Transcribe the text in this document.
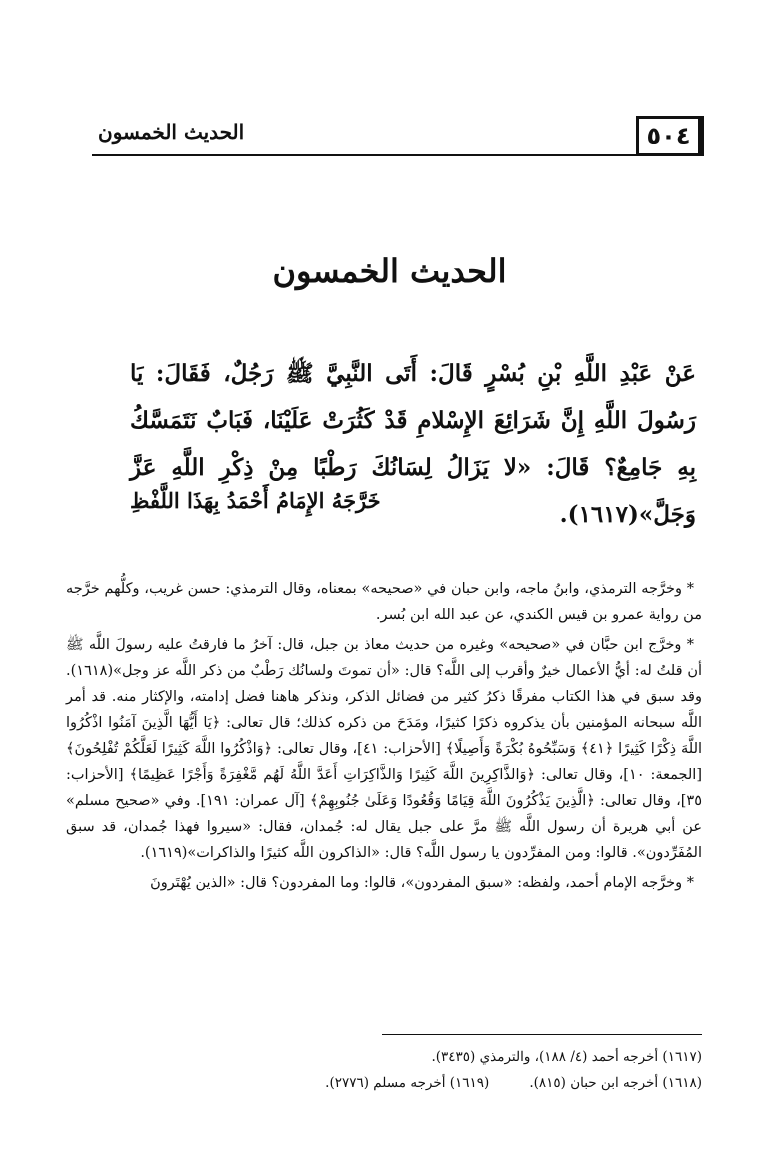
الحديث الخمسون	٥٠٤
الحديث الخمسون

عَنْ عَبْدِ اللَّهِ بْنِ بُسْرٍ قَالَ: أَتَى النَّبِيَّ ﷺ رَجُلٌ، فَقَالَ: يَا رَسُولَ اللَّهِ إِنَّ شَرَائِعَ الإِسْلامِ قَدْ كَثُرَتْ عَلَيْنَا، فَبَابٌ نَتَمَسَّكُ بِهِ جَامِعٌ؟ قَالَ: «لا يَزَالُ لِسَانُكَ رَطْبًا مِنْ ذِكْرِ اللَّهِ عَزَّ وَجَلَّ»(١٦١٧).

خَرَّجَهُ الإِمَامُ أَحْمَدُ بِهَذَا اللَّفْظِ

* وخرَّجه الترمذي، وابنُ ماجه، وابن حبان في «صحيحه» بمعناه، وقال الترمذي: حسن غريب، وكلُّهم خرَّجه من رواية عمرو بن قيس الكندي، عن عبد الله ابن بُسر.

* وخرَّج ابن حبَّان في «صحيحه» وغيره من حديث معاذ بن جبل، قال: آخرُ ما فارقتُ عليه رسولَ اللَّه ﷺ أن قلتُ له: أيُّ الأعمال خيرٌ وأقرب إلى اللَّه؟ قال: «أن تموتَ ولسانُك رَطْبٌ من ذكر اللَّه عز وجل»(١٦١٨). وقد سبق في هذا الكتاب مفرقًا ذكرُ كثير من فضائل الذكر، ونذكر هاهنا فضل إدامته، والإكثار منه. قد أمر اللَّه سبحانه المؤمنين بأن يذكروه ذكرًا كثيرًا، ومَدَحَ من ذكره كذلك؛ قال تعالى: ﴿يَا أَيُّهَا الَّذِينَ آمَنُوا اذْكُرُوا اللَّهَ ذِكْرًا كَثِيرًا ﴿٤١﴾ وَسَبِّحُوهُ بُكْرَةً وَأَصِيلًا﴾ [الأحزاب: ٤١]، وقال تعالى: ﴿وَاذْكُرُوا اللَّهَ كَثِيرًا لَعَلَّكُمْ تُفْلِحُونَ﴾ [الجمعة: ١٠]، وقال تعالى: ﴿وَالذَّاكِرِينَ اللَّهَ كَثِيرًا وَالذَّاكِرَاتِ أَعَدَّ اللَّهُ لَهُم مَّغْفِرَةً وَأَجْرًا عَظِيمًا﴾ [الأحزاب: ٣٥]، وقال تعالى: ﴿الَّذِينَ يَذْكُرُونَ اللَّهَ قِيَامًا وَقُعُودًا وَعَلَىٰ جُنُوبِهِمْ﴾ [آل عمران: ١٩١]. وفي «صحيح مسلم» عن أبي هريرة أن رسول اللَّه ﷺ مرَّ على جبل يقال له: جُمدان، فقال: «سيروا فهذا جُمدان، قد سبق المُفَرِّدون». قالوا: ومن المفرِّدون يا رسول اللَّه؟ قال: «الذاكرون اللَّه كثيرًا والذاكرات»(١٦١٩).

* وخرَّجه الإمام أحمد، ولفظه: «سبق المفردون»، قالوا: وما المفردون؟ قال: «الذين يُهْتَرونَ

(١٦١٧) أخرجه أحمد (٤/ ١٨٨)، والترمذي (٣٤٣٥).

(١٦١٨) أخرجه ابن حبان (٨١٥).
(١٦١٩) أخرجه مسلم (٢٧٧٦).
